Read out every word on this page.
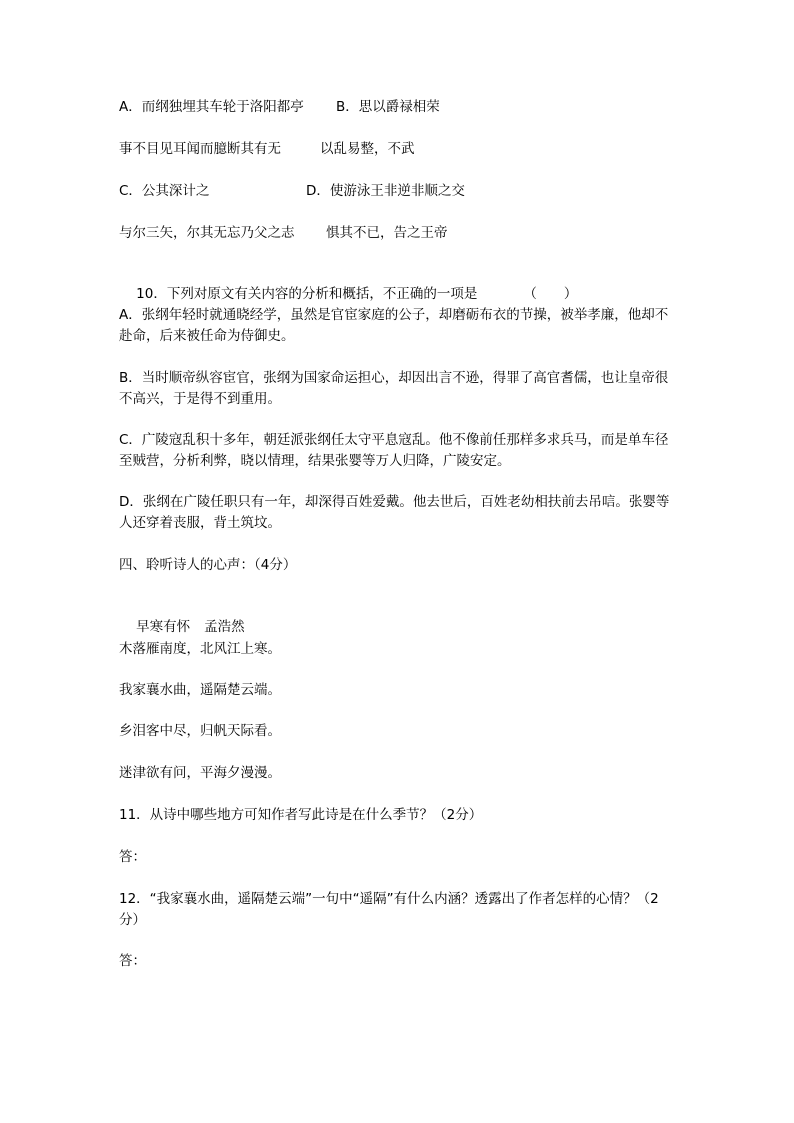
A．而纲独埋其车轮于洛阳都亭 B．思以爵禄相荣
事不目见耳闻而臆断其有无	以乱易整，不武
C．公其深计之	D．使游泳王非逆非顺之交
与尔三矢，尔其无忘乃父之志 惧其不已，告之王帝

10．下列对原文有关内容的分析和概括，不正确的一项是	（　　）

A．张纲年轻时就通晓经学，虽然是官宦家庭的公子，却磨砺布衣的节操，被举孝廉，他却不赴命，后来被任命为侍御史。
B．当时顺帝纵容宦官，张纲为国家命运担心，却因出言不逊，得罪了高官耆儒，也让皇帝很不高兴，于是得不到重用。
C．广陵寇乱积十多年，朝廷派张纲任太守平息寇乱。他不像前任那样多求兵马，而是单车径至贼营，分析利弊，晓以情理，结果张婴等万人归降，广陵安定。
D．张纲在广陵任职只有一年，却深得百姓爱戴。他去世后，百姓老幼相扶前去吊唁。张婴等人还穿着丧服，背土筑坟。
四、聆听诗人的心声：（4分）

早寒有怀 孟浩然

木落雁南度，北风江上寒。
我家襄水曲，遥隔楚云端。
乡泪客中尽，归帆天际看。
迷津欲有问，平海夕漫漫。
11．从诗中哪些地方可知作者写此诗是在什么季节？（2分）
答：
12．“我家襄水曲，遥隔楚云端”一句中“遥隔”有什么内涵？透露出了作者怎样的心情？（2分）
答：
